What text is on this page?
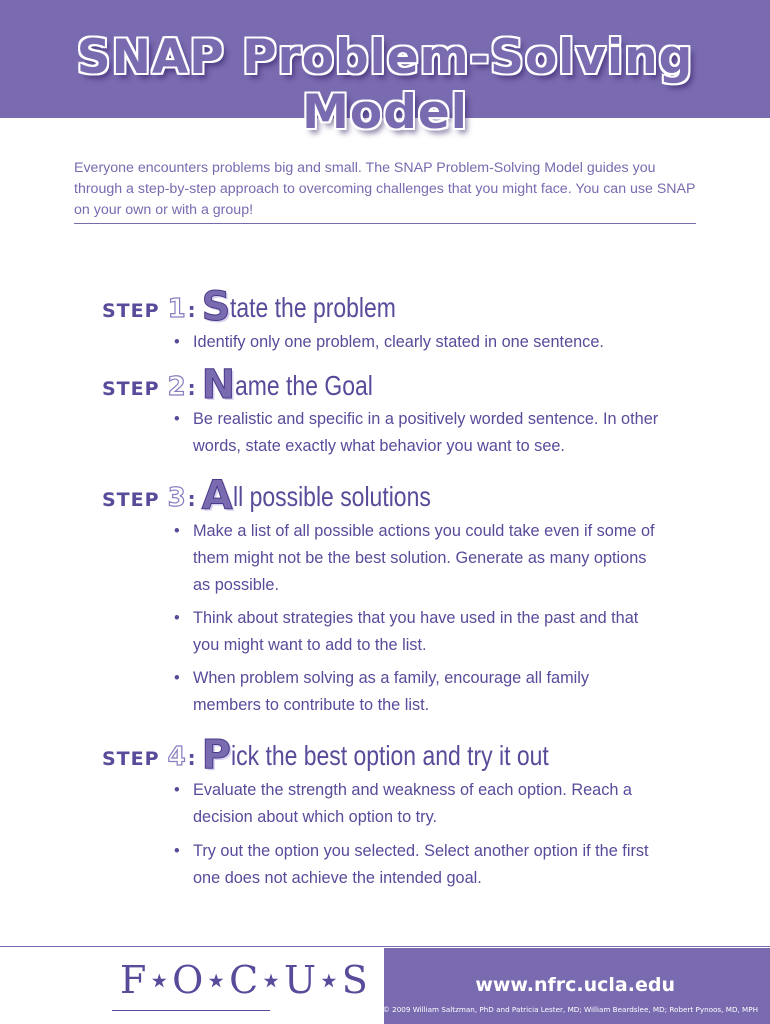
SNAP Problem-Solving Model

Everyone encounters problems big and small. The SNAP Problem-Solving Model guides you through a step-by-step approach to overcoming challenges that you might face. You can use SNAP on your own or with a group!

STEP 1 : S tate the problem
• Identify only one problem, clearly stated in one sentence.
STEP 2 : N ame the Goal
• Be realistic and specific in a positively worded sentence. In other words, state exactly what behavior you want to see.
STEP 3 : A ll possible solutions
• Make a list of all possible actions you could take even if some of them might not be the best solution. Generate as many options as possible.
• Think about strategies that you have used in the past and that you might want to add to the list.
• When problem solving as a family, encourage all family members to contribute to the list.
STEP 4 : P ick the best option and try it out
• Evaluate the strength and weakness of each option. Reach a decision about which option to try.
• Try out the option you selected. Select another option if the first one does not achieve the intended goal.
F⋆O⋆C⋆U⋆S	www.nfrc.ucla.edu
© 2009 William Saltzman, PhD and Patricia Lester, MD; William Beardslee, MD; Robert Pynoos, MD, MPH
